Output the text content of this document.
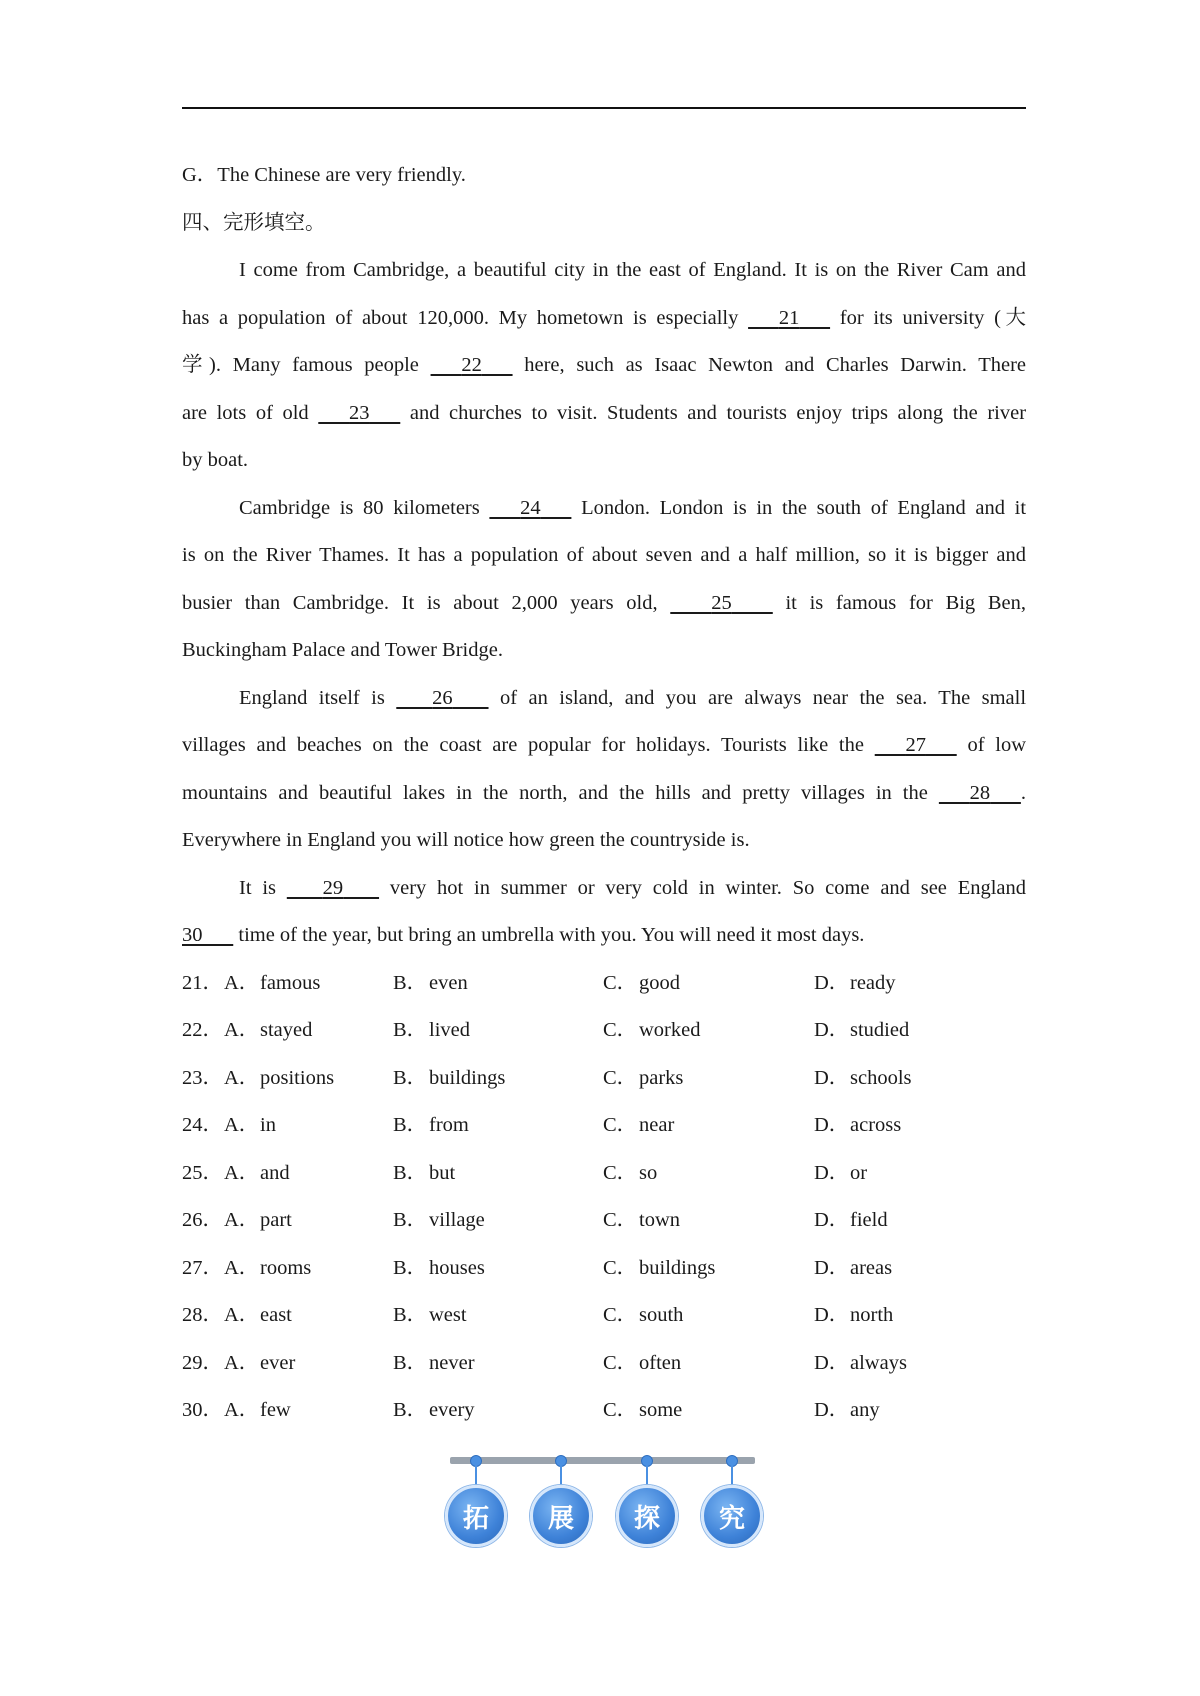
G．The Chinese are very friendly.
四、完形填空。
I come from Cambridge, a beautiful city in the east of England. It is on the River Cam and
has a population of about 120,000. My hometown is especially 21 for its university (大
学). Many famous people 22 here, such as Isaac Newton and Charles Darwin. There
are lots of old 23 and churches to visit. Students and tourists enjoy trips along the river
by boat.
Cambridge is 80 kilometers 24 London. London is in the south of England and it
is on the River Thames. It has a population of about seven and a half million, so it is bigger and
busier than Cambridge. It is about 2,000 years old,	25	it is famous for Big Ben,
Buckingham Palace and Tower Bridge.
England itself is 26 of an island, and you are always near the sea. The small
villages and beaches on the coast are popular for holidays. Tourists like the 27 of low
mountains and beautiful lakes in the north, and the hills and pretty villages in the 28 .
Everywhere in England you will notice how green the countryside is.
It is 29 very hot in summer or very cold in winter. So come and see England
30 time of the year, but bring an umbrella with you. You will need it most days.
21． A．famous	B．even	C．good	D．ready
22． A．stayed	B．lived	C．worked	D．studied
23． A．positions	B．buildings	C．parks	D．schools
24． A．in	B．from	C．near	D．across
25． A．and	B．but	C．so	D．or
26． A．part	B．village	C．town	D．field
27． A．rooms	B．houses	C．buildings	D．areas
28． A．east	B．west	C．south	D．north
29． A．ever	B．never	C．often	D．always
30． A．few	B．every	C．some	D．any
拓	展	探	究
